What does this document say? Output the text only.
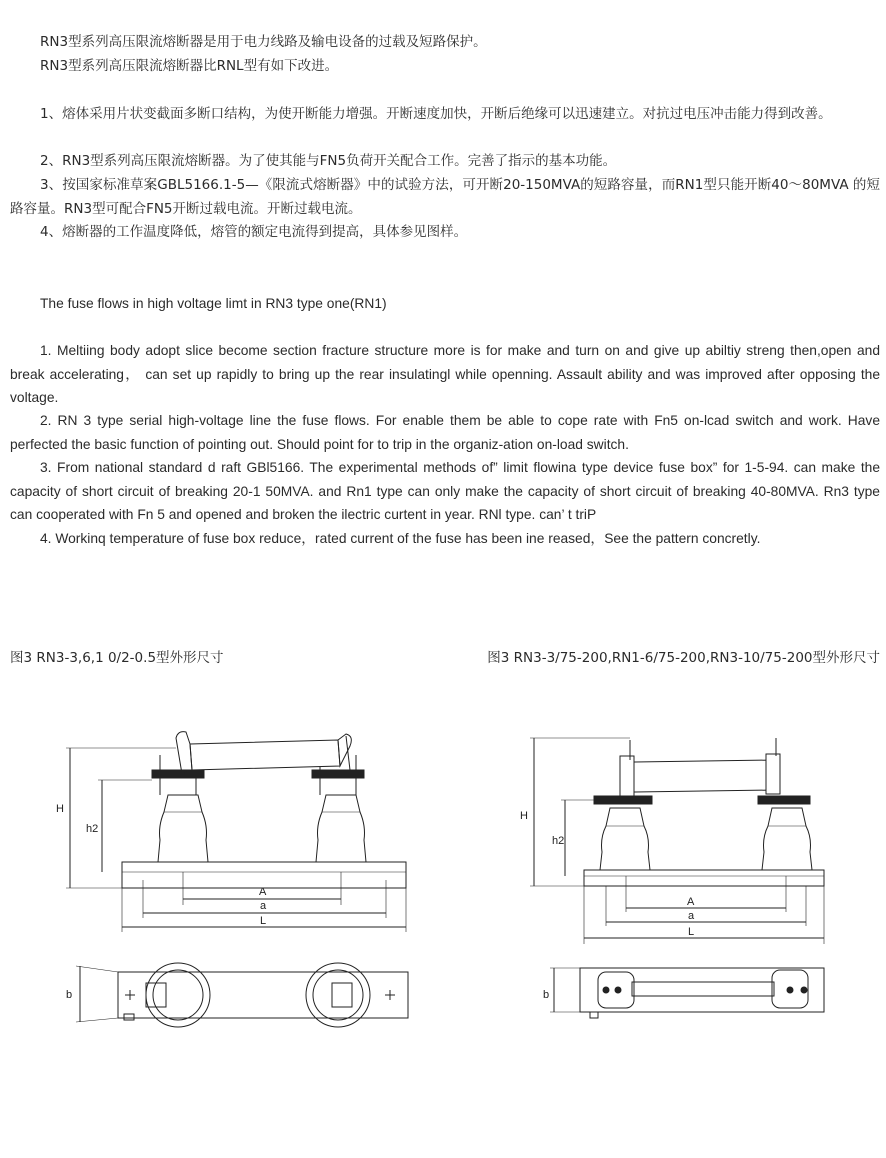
RN3型系列高压限流熔断器是用于电力线路及输电设备的过载及短路保护。

RN3型系列高压限流熔断器比RNL型有如下改进。

1、熔体采用片状变截面多断口结构，为使开断能力增强。开断速度加快，开断后绝缘可以迅速建立。对抗过电压冲击能力得到改善。

2、RN3型系列高压限流熔断器。为了使其能与FN5负荷开关配合工作。完善了指示的基本功能。

3、按国家标准草案GBL5166.1-5—《限流式熔断器》中的试验方法，可开断20-150MVA的短路容量，而RN1型只能开断40～80MVA 的短路容量。RN3型可配合FN5开断过载电流。开断过载电流。

4、熔断器的工作温度降低，熔管的额定电流得到提高，具体参见图样。

The fuse flows in high voltage limt in RN3 type one(RN1)

1. Meltiing body adopt slice become section fracture structure more is for make and turn on and give up abiltiy streng then,open and break accelerating， can set up rapidly to bring up the rear insulatingl while openning. Assault ability and was improved after opposing the voltage.

2. RN 3 type serial high-voltage line the fuse flows. For enable them be able to cope rate with Fn5 on-lcad switch and work. Have perfected the basic function of pointing out. Should point for to trip in the organiz-ation on-load switch.

3. From national standard d raft GBl5166. The experimental methods of” limit flowina type device fuse box” for 1-5-94. can make the capacity of short circuit of breaking 20-1 50MVA. and Rn1 type can only make the capacity of short circuit of breaking 40-80MVA. Rn3 type can cooperated with Fn 5 and opened and broken the ilectric curtent in year. RNl type. can’ t triP

4. Workinq temperature of fuse box reduce，rated current of the fuse has been ine reased，See the pattern concretly.

图3 RN3-3,6,1 0/2-0.5型外形尺寸	图3 RN3-3/75-200,RN1-6/75-200,RN3-10/75-200型外形尺寸
H
h2
A
a
L
b
H
h2
A
a
L
b
